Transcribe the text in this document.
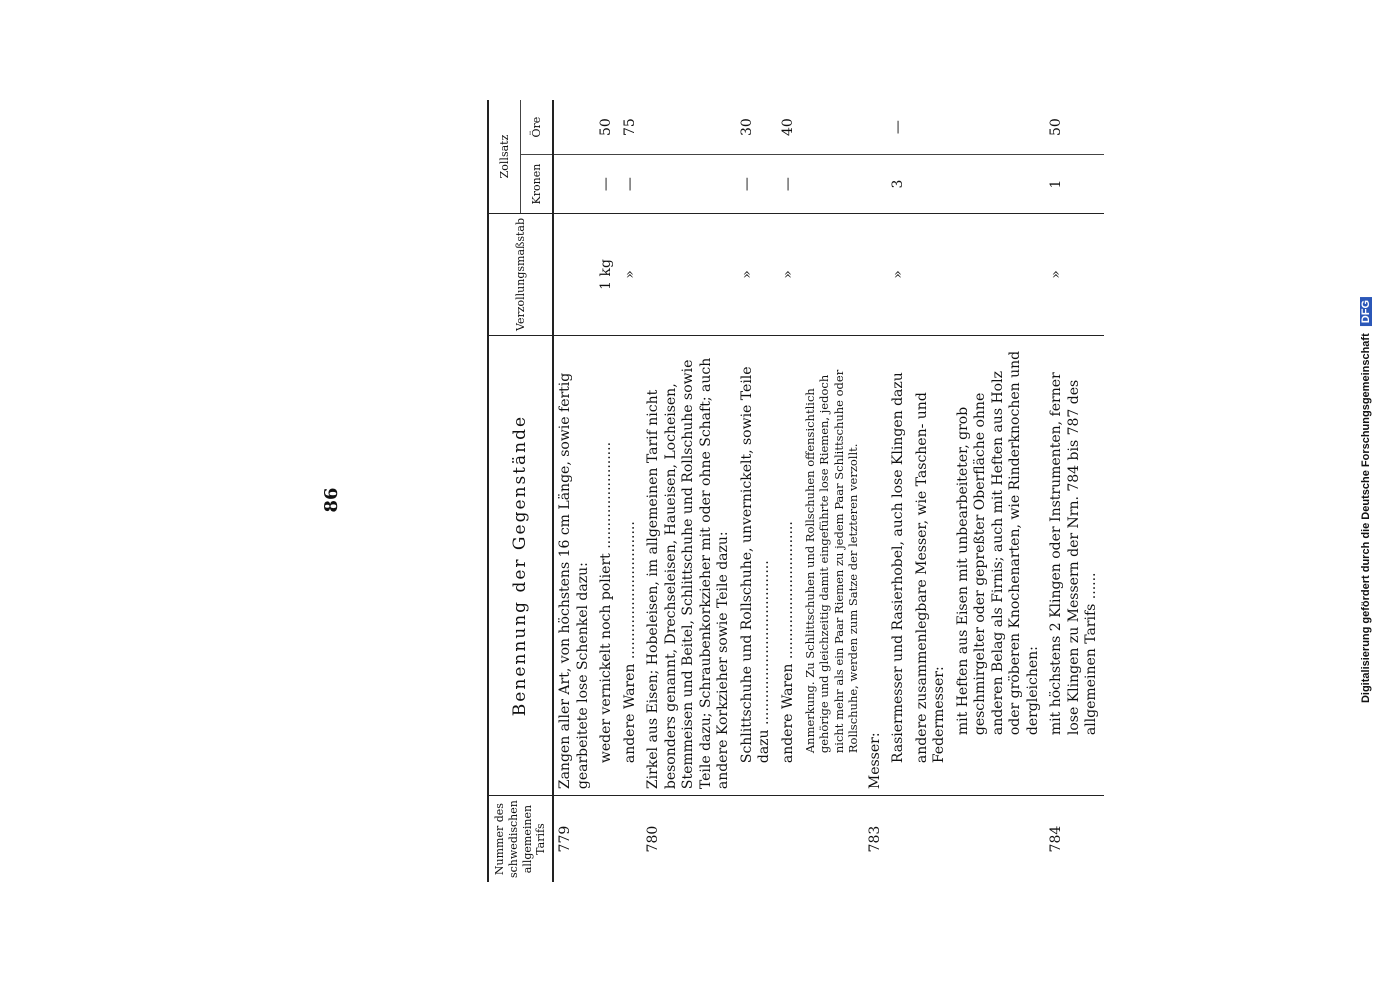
86
Nummer des schwedischen allgemeinen Tarifs	Benennung der Gegenstände	Verzollungsmaßstab	Zollsatz	
			Kronen	Öre
779	Zangen aller Art, von höchstens 16 cm Länge, sowie fertig gearbeitete lose Schenkel dazu:			
	weder vernickelt noch poliert ........................	1 kg	—	50
	andere Waren ...............................	»	—	75
780	Zirkel aus Eisen; Hobeleisen, im allgemeinen Tarif nicht besonders genannt, Drechseleisen, Haueisen, Locheisen, Stemmeisen und Beitel, Schlittschuhe und Rollschuhe sowie Teile dazu; Schraubenkorkzieher mit oder ohne Schaft; auch andere Korkzieher sowie Teile dazu:			
	Schlittschuhe und Rollschuhe, unvernickelt, sowie Teile dazu .....................................	»	—	30
	andere Waren ...............................	»	—	40
	Anmerkung. Zu Schlittschuhen und Rollschuhen offensichtlich gehörige und gleichzeitig damit eingeführte lose Riemen, jedoch nicht mehr als ein Paar Riemen zu jedem Paar Schlittschuhe oder Rollschuhe, werden zum Satze der letzteren verzollt.			
783	Messer:			
	Rasiermesser und Rasierhobel, auch lose Klingen dazu	»	3	—
	andere zusammenlegbare Messer, wie Taschen- und Federmesser:			
	mit Heften aus Eisen mit unbearbeiteter, grob geschmirgelter oder gepreßter Oberfläche ohne anderen Belag als Firnis; auch mit Heften aus Holz oder gröberen Knochenarten, wie Rinderknochen und dergleichen:			
784	mit höchstens 2 Klingen oder Instrumenten, ferner lose Klingen zu Messern der Nrn. 784 bis 787 des allgemeinen Tarifs ......	»	1	50
Digitalisierung gefördert durch die Deutsche Forschungsgemeinschaft DFG
